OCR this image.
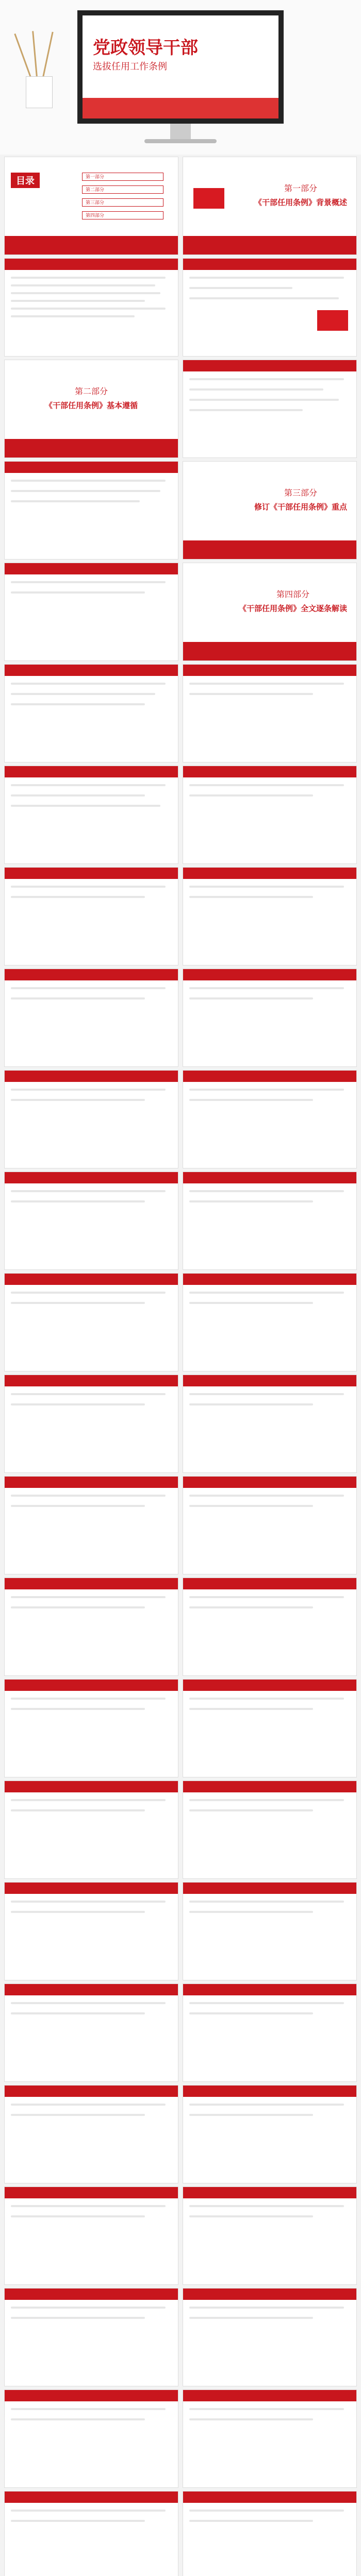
党政领导干部
选拔任用工作条例
目录	第一部分
第二部分
第三部分
第四部分
第一部分
《干部任用条例》背景概述
第二部分
《干部任用条例》基本遵循
第三部分
修订《干部任用条例》重点
第四部分
《干部任用条例》全文逐条解读
